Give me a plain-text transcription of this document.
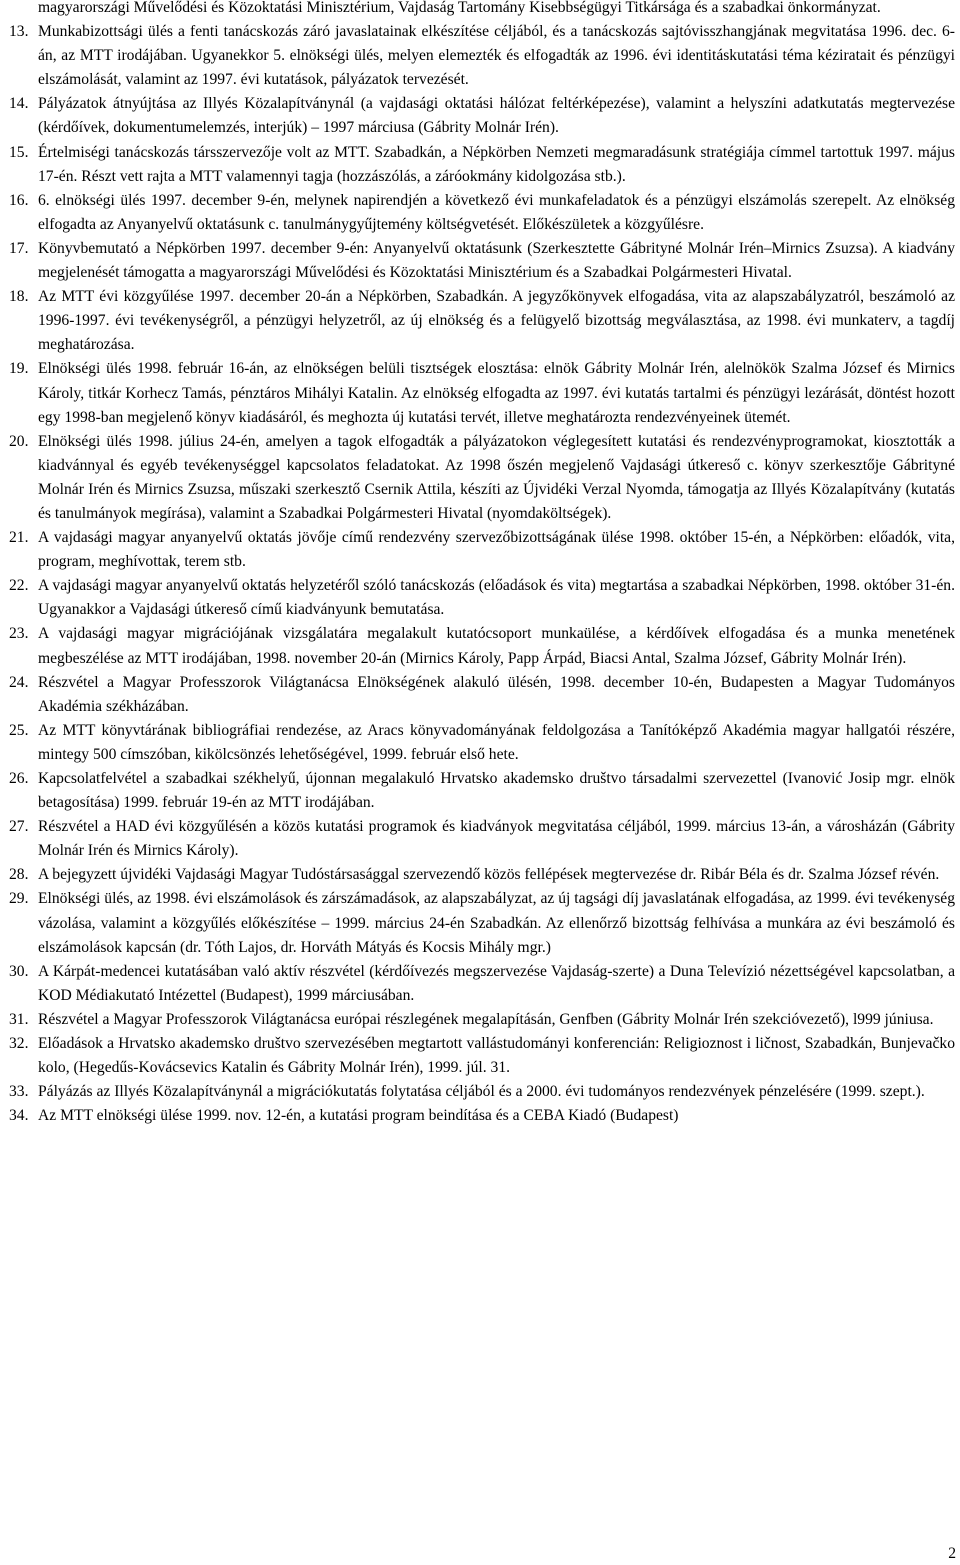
magyarországi Művelődési és Közoktatási Minisztérium, Vajdaság Tartomány Kisebbségügyi Titkársága és a szabadkai önkormányzat.
13. Munkabizottsági ülés a fenti tanácskozás záró javaslatainak elkészítése céljából, és a tanácskozás sajtóvisszhangjának megvitatása 1996. dec. 6-án, az MTT irodájában. Ugyanekkor 5. elnökségi ülés, melyen elemezték és elfogadták az 1996. évi identitáskutatási téma kéziratait és pénzügyi elszámolását, valamint az 1997. évi kutatások, pályázatok tervezését.
14. Pályázatok átnyújtása az Illyés Közalapítványnál (a vajdasági oktatási hálózat feltérképezése), valamint a helyszíni adatkutatás megtervezése (kérdőívek, dokumentumelemzés, interjúk) ‒ 1997 márciusa (Gábrity Molnár Irén).
15. Értelmiségi tanácskozás társszervezője volt az MTT. Szabadkán, a Népkörben Nemzeti megmaradásunk stratégiája címmel tartottuk 1997. május 17-én. Részt vett rajta a MTT valamennyi tagja (hozzászólás, a záróokmány kidolgozása stb.).
16. 6. elnökségi ülés 1997. december 9-én, melynek napirendjén a következő évi munkafeladatok és a pénzügyi elszámolás szerepelt. Az elnökség elfogadta az Anyanyelvű oktatásunk c. tanulmánygyűjtemény költségvetését. Előkészületek a közgyűlésre.
17. Könyvbemutató a Népkörben 1997. december 9-én: Anyanyelvű oktatásunk (Szerkesztette Gábrityné Molnár Irén–Mirnics Zsuzsa). A kiadvány megjelenését támogatta a magyarországi Művelődési és Közoktatási Minisztérium és a Szabadkai Polgármesteri Hivatal.
18. Az MTT évi közgyűlése 1997. december 20-án a Népkörben, Szabadkán. A jegyzőkönyvek elfogadása, vita az alapszabályzatról, beszámoló az 1996-1997. évi tevékenységről, a pénzügyi helyzetről, az új elnökség és a felügyelő bizottság megválasztása, az 1998. évi munkaterv, a tagdíj meghatározása.
19. Elnökségi ülés 1998. február 16-án, az elnökségen belüli tisztségek elosztása: elnök Gábrity Molnár Irén, alelnökök Szalma József és Mirnics Károly, titkár Korhecz Tamás, pénztáros Mihályi Katalin. Az elnökség elfogadta az 1997. évi kutatás tartalmi és pénzügyi lezárását, döntést hozott egy 1998-ban megjelenő könyv kiadásáról, és meghozta új kutatási tervét, illetve meghatározta rendezvényeinek ütemét.
20. Elnökségi ülés 1998. július 24-én, amelyen a tagok elfogadták a pályázatokon véglegesített kutatási és rendezvényprogramokat, kiosztották a kiadvánnyal és egyéb tevékenységgel kapcsolatos feladatokat. Az 1998 őszén megjelenő Vajdasági útkereső c. könyv szerkesztője Gábrityné Molnár Irén és Mirnics Zsuzsa, műszaki szerkesztő Csernik Attila, készíti az Újvidéki Verzal Nyomda, támogatja az Illyés Közalapítvány (kutatás és tanulmányok megírása), valamint a Szabadkai Polgármesteri Hivatal (nyomdaköltségek).
21. A vajdasági magyar anyanyelvű oktatás jövője című rendezvény szervezőbizottságának ülése 1998. október 15-én, a Népkörben: előadók, vita, program, meghívottak, terem stb.
22. A vajdasági magyar anyanyelvű oktatás helyzetéről szóló tanácskozás (előadások és vita) megtartása a szabadkai Népkörben, 1998. október 31-én. Ugyanakkor a Vajdasági útkereső című kiadványunk bemutatása.
23. A vajdasági magyar migrációjának vizsgálatára megalakult kutatócsoport munkaülése, a kérdőívek elfogadása és a munka menetének megbeszélése az MTT irodájában, 1998. november 20-án (Mirnics Károly, Papp Árpád, Biacsi Antal, Szalma József, Gábrity Molnár Irén).
24. Részvétel a Magyar Professzorok Világtanácsa Elnökségének alakuló ülésén, 1998. december 10-én, Budapesten a Magyar Tudományos Akadémia székházában.
25. Az MTT könyvtárának bibliográfiai rendezése, az Aracs könyvadományának feldolgozása a Tanítóképző Akadémia magyar hallgatói részére, mintegy 500 címszóban, kikölcsönzés lehetőségével, 1999. február első hete.
26. Kapcsolatfelvétel a szabadkai székhelyű, újonnan megalakuló Hrvatsko akademsko društvo társadalmi szervezettel (Ivanović Josip mgr. elnök betagosítása) 1999. február 19-én az MTT irodájában.
27. Részvétel a HAD évi közgyűlésén a közös kutatási programok és kiadványok megvitatása céljából, 1999. március 13-án, a városházán (Gábrity Molnár Irén és Mirnics Károly).
28. A bejegyzett újvidéki Vajdasági Magyar Tudóstársasággal szervezendő közös fellépések megtervezése dr. Ribár Béla és dr. Szalma József révén.
29. Elnökségi ülés, az 1998. évi elszámolások és zárszámadások, az alapszabályzat, az új tagsági díj javaslatának elfogadása, az 1999. évi tevékenység vázolása, valamint a közgyűlés előkészítése ‒ 1999. március 24-én Szabadkán. Az ellenőrző bizottság felhívása a munkára az évi beszámoló és elszámolások kapcsán (dr. Tóth Lajos, dr. Horváth Mátyás és Kocsis Mihály mgr.)
30. A Kárpát-medencei kutatásában való aktív részvétel (kérdőívezés megszervezése Vajdaság-szerte) a Duna Televízió nézettségével kapcsolatban, a KOD Médiakutató Intézettel (Budapest), 1999 márciusában.
31. Részvétel a Magyar Professzorok Világtanácsa európai részlegének megalapításán, Genfben (Gábrity Molnár Irén szekcióvezető), l999 júniusa.
32. Előadások a Hrvatsko akademsko društvo szervezésében megtartott vallástudományi konferencián: Religioznost i ličnost, Szabadkán, Bunjevačko kolo, (Hegedűs-Kovácsevics Katalin és Gábrity Molnár Irén), 1999. júl. 31.
33. Pályázás az Illyés Közalapítványnál a migrációkutatás folytatása céljából és a 2000. évi tudományos rendezvények pénzelésére (1999. szept.).
34. Az MTT elnökségi ülése 1999. nov. 12-én, a kutatási program beindítása és a CEBA Kiadó (Budapest)
2
